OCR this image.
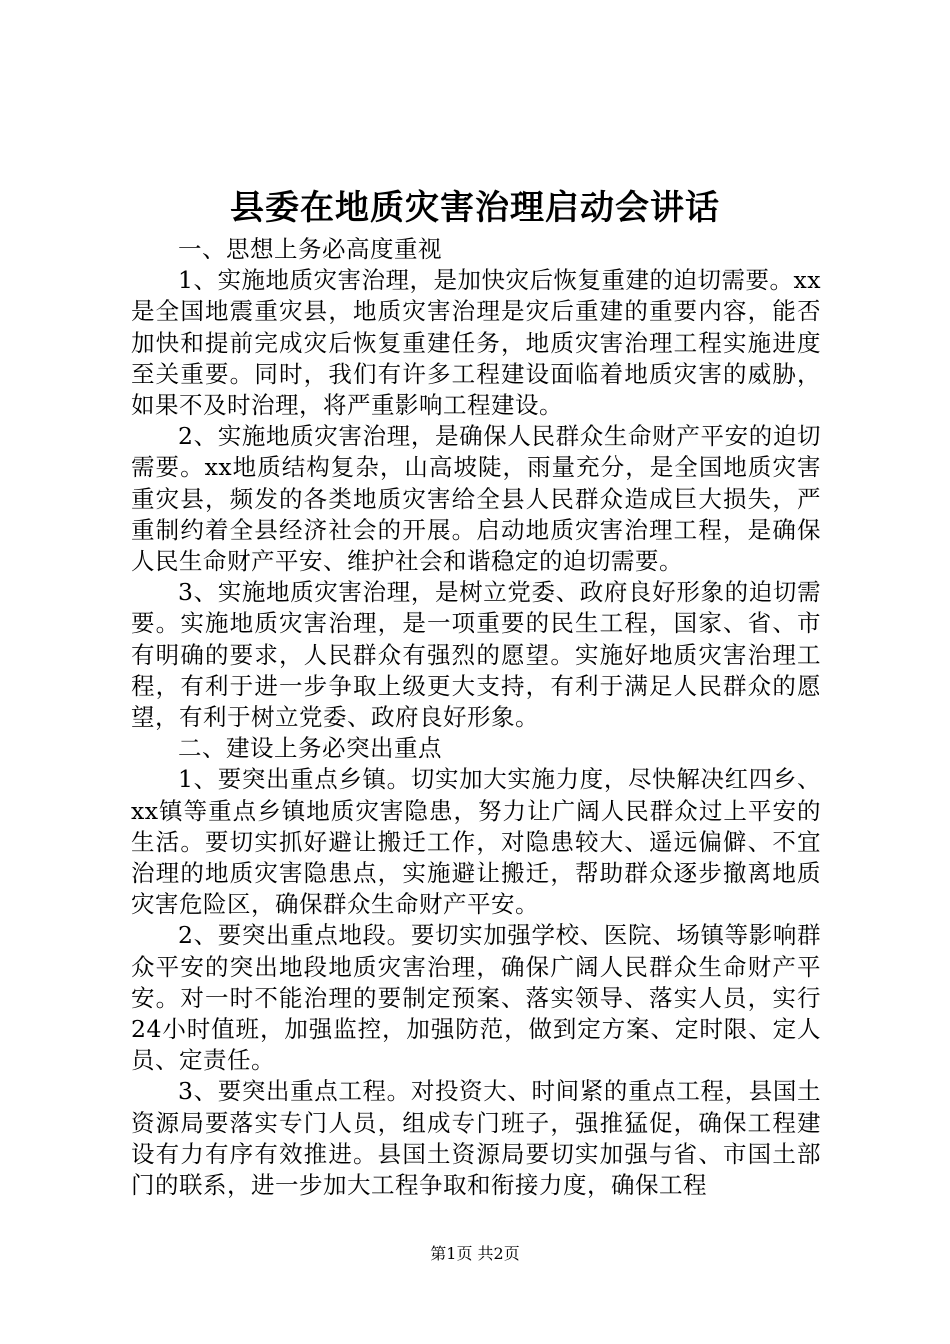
县委在地质灾害治理启动会讲话

一、思想上务必高度重视

1、实施地质灾害治理，是加快灾后恢复重建的迫切需要。xx是全国地震重灾县，地质灾害治理是灾后重建的重要内容，能否加快和提前完成灾后恢复重建任务，地质灾害治理工程实施进度至关重要。同时，我们有许多工程建设面临着地质灾害的威胁，如果不及时治理，将严重影响工程建设。

2、实施地质灾害治理，是确保人民群众生命财产平安的迫切需要。xx地质结构复杂，山高坡陡，雨量充分，是全国地质灾害重灾县，频发的各类地质灾害给全县人民群众造成巨大损失，严重制约着全县经济社会的开展。启动地质灾害治理工程，是确保人民生命财产平安、维护社会和谐稳定的迫切需要。

3、实施地质灾害治理，是树立党委、政府良好形象的迫切需要。实施地质灾害治理，是一项重要的民生工程，国家、省、市有明确的要求，人民群众有强烈的愿望。实施好地质灾害治理工程，有利于进一步争取上级更大支持，有利于满足人民群众的愿望，有利于树立党委、政府良好形象。

二、建设上务必突出重点

1、要突出重点乡镇。切实加大实施力度，尽快解决红四乡、xx镇等重点乡镇地质灾害隐患，努力让广阔人民群众过上平安的生活。要切实抓好避让搬迁工作，对隐患较大、遥远偏僻、不宜治理的地质灾害隐患点，实施避让搬迁，帮助群众逐步撤离地质灾害危险区，确保群众生命财产平安。

2、要突出重点地段。要切实加强学校、医院、场镇等影响群众平安的突出地段地质灾害治理，确保广阔人民群众生命财产平安。对一时不能治理的要制定预案、落实领导、落实人员，实行24小时值班，加强监控，加强防范，做到定方案、定时限、定人员、定责任。

3、要突出重点工程。对投资大、时间紧的重点工程，县国土资源局要落实专门人员，组成专门班子，强推猛促，确保工程建设有力有序有效推进。县国土资源局要切实加强与省、市国土部门的联系，进一步加大工程争取和衔接力度，确保工程

第1页 共2页
